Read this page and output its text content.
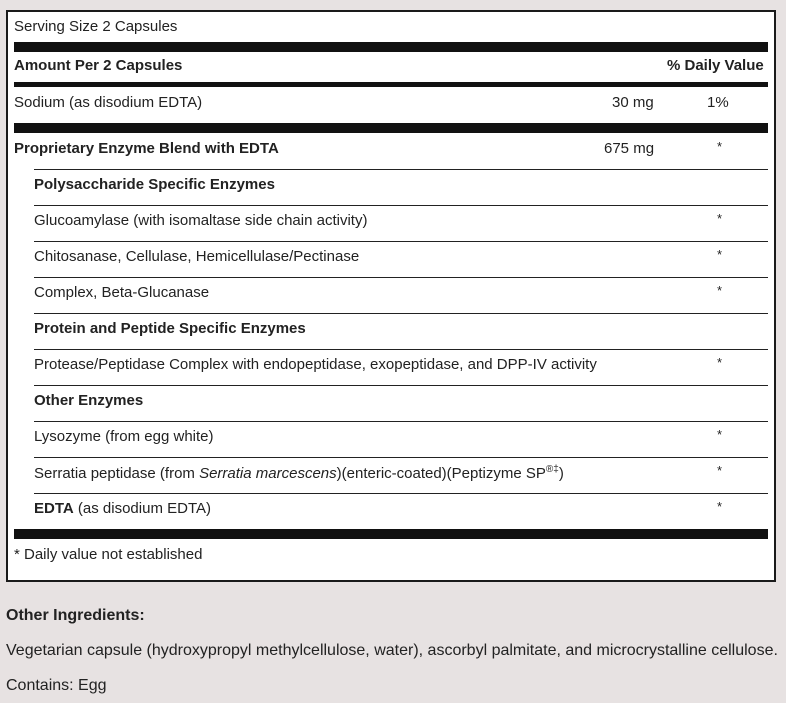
Serving Size 2 Capsules
Amount Per 2 Capsules	% Daily Value
Sodium (as disodium EDTA)	30 mg	1%
Proprietary Enzyme Blend with EDTA	675 mg	*
Polysaccharide Specific Enzymes
Glucoamylase (with isomaltase side chain activity)	*
Chitosanase, Cellulase, Hemicellulase/Pectinase	*
Complex, Beta-Glucanase	*
Protein and Peptide Specific Enzymes
Protease/Peptidase Complex with endopeptidase, exopeptidase, and DPP-IV activity	*
Other Enzymes
Lysozyme (from egg white)	*
Serratia peptidase (from Serratia marcescens)(enteric-coated)(Peptizyme SP®‡)	*
EDTA (as disodium EDTA)	*
* Daily value not established
Other Ingredients:
Vegetarian capsule (hydroxypropyl methylcellulose, water), ascorbyl palmitate, and microcrystalline cellulose.
Contains: Egg
